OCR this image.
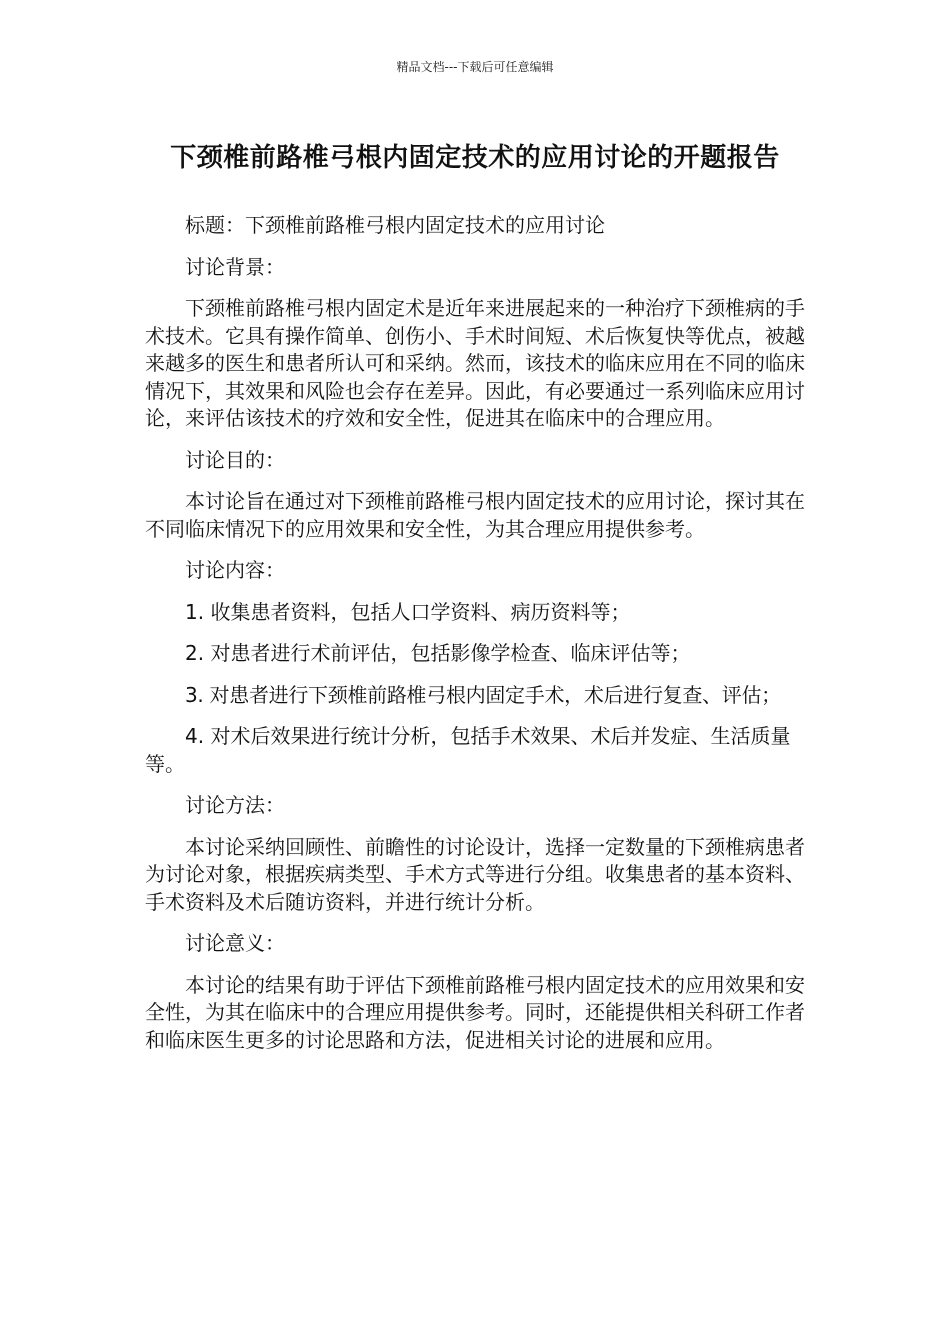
精品文档---下载后可任意编辑
下颈椎前路椎弓根内固定技术的应用讨论的开题报告

标题：下颈椎前路椎弓根内固定技术的应用讨论

讨论背景：

下颈椎前路椎弓根内固定术是近年来进展起来的一种治疗下颈椎病的手术技术。它具有操作简单、创伤小、手术时间短、术后恢复快等优点，被越来越多的医生和患者所认可和采纳。然而，该技术的临床应用在不同的临床情况下，其效果和风险也会存在差异。因此，有必要通过一系列临床应用讨论，来评估该技术的疗效和安全性，促进其在临床中的合理应用。

讨论目的：

本讨论旨在通过对下颈椎前路椎弓根内固定技术的应用讨论，探讨其在不同临床情况下的应用效果和安全性，为其合理应用提供参考。

讨论内容：

1. 收集患者资料，包括人口学资料、病历资料等；

2. 对患者进行术前评估，包括影像学检查、临床评估等；

3. 对患者进行下颈椎前路椎弓根内固定手术，术后进行复查、评估；

4. 对术后效果进行统计分析，包括手术效果、术后并发症、生活质量等。

讨论方法：

本讨论采纳回顾性、前瞻性的讨论设计，选择一定数量的下颈椎病患者为讨论对象，根据疾病类型、手术方式等进行分组。收集患者的基本资料、手术资料及术后随访资料，并进行统计分析。

讨论意义：

本讨论的结果有助于评估下颈椎前路椎弓根内固定技术的应用效果和安全性，为其在临床中的合理应用提供参考。同时，还能提供相关科研工作者和临床医生更多的讨论思路和方法，促进相关讨论的进展和应用。
